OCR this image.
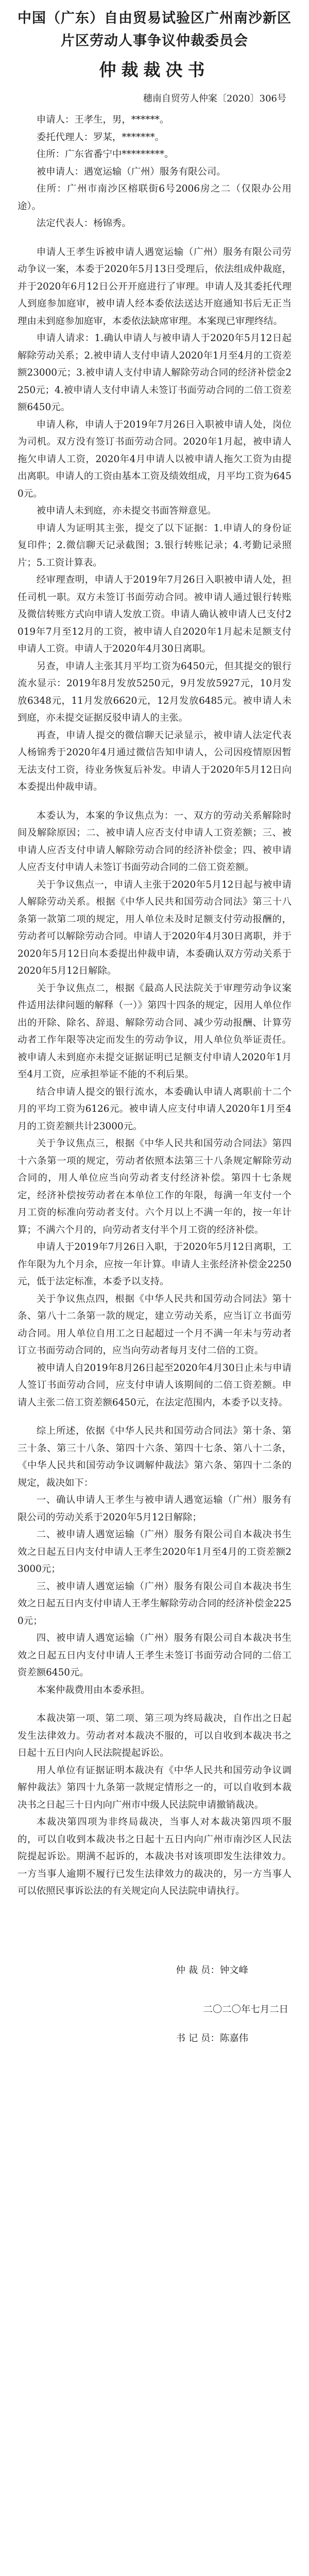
中国（广东）自由贸易试验区广州南沙新区片区劳动人事争议仲裁委员会
仲裁裁决书

穗南自贸劳人仲案〔2020〕306号

申请人：王孝生，男，******。

委托代理人：罗某，*******。

住所：广东省番宁中*********。

被申请人：遇宽运输（广州）服务有限公司。

住所：广州市南沙区榕联街6号2006房之二（仅限办公用途）。

法定代表人：杨锦秀。

申请人王孝生诉被申请人遇宽运输（广州）服务有限公司劳动争议一案，本委于2020年5月13日受理后，依法组成仲裁庭，并于2020年6月12日公开开庭进行了审理。申请人及其委托代理人到庭参加庭审，被申请人经本委依法送达开庭通知书后无正当理由未到庭参加庭审，本委依法缺席审理。本案现已审理终结。

申请人请求：1.确认申请人与被申请人于2020年5月12日起解除劳动关系；2.被申请人支付申请人2020年1月至4月的工资差额23000元；3.被申请人支付申请人解除劳动合同的经济补偿金2250元；4.被申请人支付申请人未签订书面劳动合同的二倍工资差额6450元。

申请人称，申请人于2019年7月26日入职被申请人处，岗位为司机。双方没有签订书面劳动合同。2020年1月起，被申请人拖欠申请人工资，2020年4月申请人以被申请人拖欠工资为由提出离职。申请人的工资由基本工资及绩效组成，月平均工资为6450元。

被申请人未到庭，亦未提交书面答辩意见。

申请人为证明其主张，提交了以下证据：1.申请人的身份证复印件；2.微信聊天记录截图；3.银行转账记录；4.考勤记录照片；5.工资计算表。

经审理查明，申请人于2019年7月26日入职被申请人处，担任司机一职。双方未签订书面劳动合同。被申请人通过银行转账及微信转账方式向申请人发放工资。申请人确认被申请人已支付2019年7月至12月的工资，被申请人自2020年1月起未足额支付申请人工资。申请人于2020年4月30日离职。

另查，申请人主张其月平均工资为6450元，但其提交的银行流水显示：2019年8月发放5250元，9月发放5927元，10月发放6348元，11月发放6620元，12月发放6485元。被申请人未到庭，亦未提交证据反驳申请人的主张。

再查，申请人提交的微信聊天记录显示，被申请人法定代表人杨锦秀于2020年4月通过微信告知申请人，公司因疫情原因暂无法支付工资，待业务恢复后补发。申请人于2020年5月12日向本委提出仲裁申请。

本委认为，本案的争议焦点为：一、双方的劳动关系解除时间及解除原因；二、被申请人应否支付申请人工资差额；三、被申请人应否支付申请人解除劳动合同的经济补偿金；四、被申请人应否支付申请人未签订书面劳动合同的二倍工资差额。

关于争议焦点一，申请人主张于2020年5月12日起与被申请人解除劳动关系。根据《中华人民共和国劳动合同法》第三十八条第一款第二项的规定，用人单位未及时足额支付劳动报酬的，劳动者可以解除劳动合同。申请人于2020年4月30日离职，并于2020年5月12日向本委提出仲裁申请，本委确认双方劳动关系于2020年5月12日解除。

关于争议焦点二，根据《最高人民法院关于审理劳动争议案件适用法律问题的解释（一）》第四十四条的规定，因用人单位作出的开除、除名、辞退、解除劳动合同、减少劳动报酬、计算劳动者工作年限等决定而发生的劳动争议，用人单位负举证责任。被申请人未到庭亦未提交证据证明已足额支付申请人2020年1月至4月工资，应承担举证不能的不利后果。

结合申请人提交的银行流水，本委确认申请人离职前十二个月的平均工资为6126元。被申请人应支付申请人2020年1月至4月的工资差额共计23000元。

关于争议焦点三，根据《中华人民共和国劳动合同法》第四十六条第一项的规定，劳动者依照本法第三十八条规定解除劳动合同的，用人单位应当向劳动者支付经济补偿。第四十七条规定，经济补偿按劳动者在本单位工作的年限，每满一年支付一个月工资的标准向劳动者支付。六个月以上不满一年的，按一年计算；不满六个月的，向劳动者支付半个月工资的经济补偿。

申请人于2019年7月26日入职，于2020年5月12日离职，工作年限为九个月余，应按一年计算。申请人主张经济补偿金2250元，低于法定标准，本委予以支持。

关于争议焦点四，根据《中华人民共和国劳动合同法》第十条、第八十二条第一款的规定，建立劳动关系，应当订立书面劳动合同。用人单位自用工之日起超过一个月不满一年未与劳动者订立书面劳动合同的，应当向劳动者每月支付二倍的工资。

被申请人自2019年8月26日起至2020年4月30日止未与申请人签订书面劳动合同，应支付申请人该期间的二倍工资差额。申请人主张二倍工资差额6450元，在法定范围内，本委予以支持。

综上所述，依据《中华人民共和国劳动合同法》第十条、第三十条、第三十八条、第四十六条、第四十七条、第八十二条，《中华人民共和国劳动争议调解仲裁法》第六条、第四十二条的规定，裁决如下：

一、确认申请人王孝生与被申请人遇宽运输（广州）服务有限公司的劳动关系于2020年5月12日解除；

二、被申请人遇宽运输（广州）服务有限公司自本裁决书生效之日起五日内支付申请人王孝生2020年1月至4月的工资差额23000元；

三、被申请人遇宽运输（广州）服务有限公司自本裁决书生效之日起五日内支付申请人王孝生解除劳动合同的经济补偿金2250元；

四、被申请人遇宽运输（广州）服务有限公司自本裁决书生效之日起五日内支付申请人王孝生未签订书面劳动合同的二倍工资差额6450元。

本案仲裁费用由本委承担。

本裁决第一项、第二项、第三项为终局裁决，自作出之日起发生法律效力。劳动者对本裁决不服的，可以自收到本裁决书之日起十五日内向人民法院提起诉讼。

用人单位有证据证明本裁决有《中华人民共和国劳动争议调解仲裁法》第四十九条第一款规定情形之一的，可以自收到本裁决书之日起三十日内向广州市中级人民法院申请撤销裁决。

本裁决第四项为非终局裁决，当事人对本裁决第四项不服的，可以自收到本裁决书之日起十五日内向广州市南沙区人民法院提起诉讼。期满不起诉的，本裁决书对该项即发生法律效力。一方当事人逾期不履行已发生法律效力的裁决的，另一方当事人可以依照民事诉讼法的有关规定向人民法院申请执行。

仲 裁 员：钟文峰

二〇二〇年七月二日

书 记 员：陈嘉伟
